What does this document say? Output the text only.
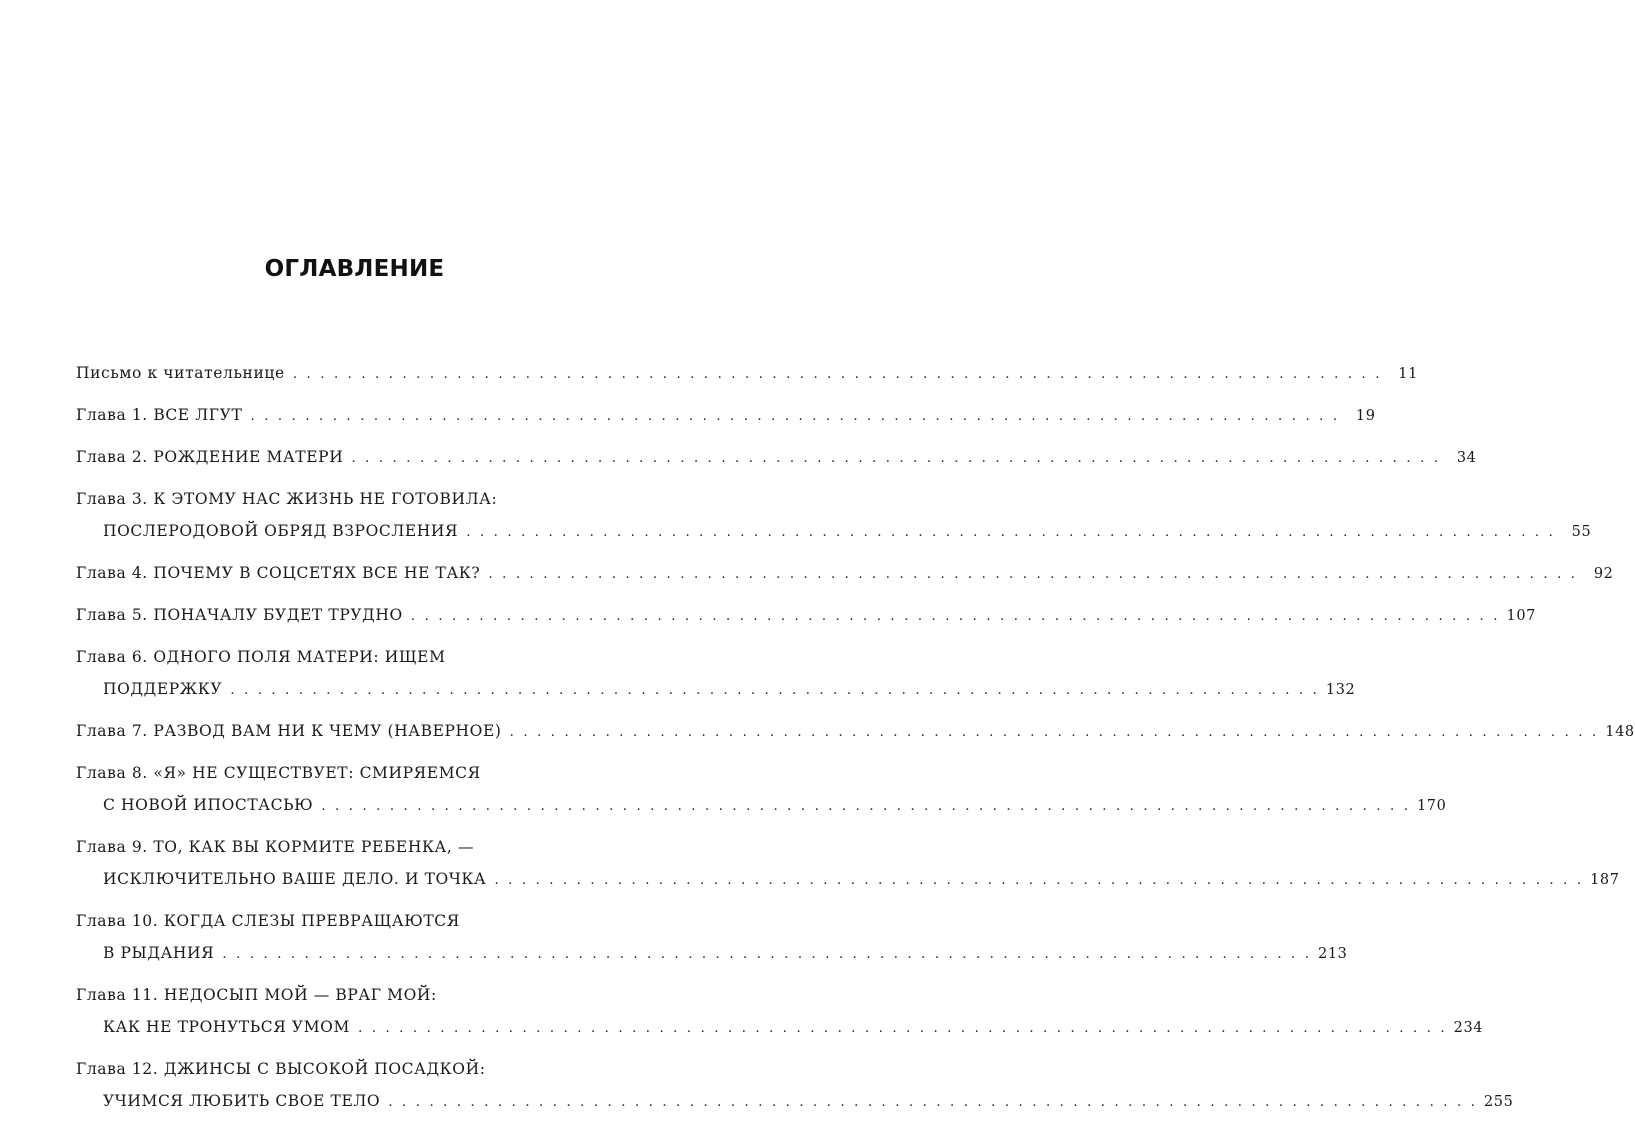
ОГЛАВЛЕНИЕ
Письмо к читательнице . . . . . . . . . . . . . . . . . . . . . . . . . . . . . . . . . . . . . . . . . . . . . . . . . . . . . . . . . . . . . . . . . . . . . . . . . . . . . . . .	11
Глава 1. ВСЕ ЛГУТ . . . . . . . . . . . . . . . . . . . . . . . . . . . . . . . . . . . . . . . . . . . . . . . . . . . . . . . . . . . . . . . . . . . . . . . . . . . . . . . .	19
Глава 2. РОЖДЕНИЕ МАТЕРИ . . . . . . . . . . . . . . . . . . . . . . . . . . . . . . . . . . . . . . . . . . . . . . . . . . . . . . . . . . . . . . . . . . . . . . . . . . . . . . . .	34
Глава 3. К ЭТОМУ НАС ЖИЗНЬ НЕ ГОТОВИЛА:
ПОСЛЕРОДОВОЙ ОБРЯД ВЗРОСЛЕНИЯ . . . . . . . . . . . . . . . . . . . . . . . . . . . . . . . . . . . . . . . . . . . . . . . . . . . . . . . . . . . . . . . . . . . . . . . . . . . . . . . .	55
Глава 4. ПОЧЕМУ В СОЦСЕТЯХ ВСЕ НЕ ТАК? . . . . . . . . . . . . . . . . . . . . . . . . . . . . . . . . . . . . . . . . . . . . . . . . . . . . . . . . . . . . . . . . . . . . . . . . . . . . . . . .	92
Глава 5. ПОНАЧАЛУ БУДЕТ ТРУДНО . . . . . . . . . . . . . . . . . . . . . . . . . . . . . . . . . . . . . . . . . . . . . . . . . . . . . . . . . . . . . . . . . . . . . . . . . . . . . . . . 107
Глава 6. ОДНОГО ПОЛЯ МАТЕРИ: ИЩЕМ
ПОДДЕРЖКУ . . . . . . . . . . . . . . . . . . . . . . . . . . . . . . . . . . . . . . . . . . . . . . . . . . . . . . . . . . . . . . . . . . . . . . . . . . . . . . . . 132
Глава 7. РАЗВОД ВАМ НИ К ЧЕМУ (НАВЕРНОЕ) . . . . . . . . . . . . . . . . . . . . . . . . . . . . . . . . . . . . . . . . . . . . . . . . . . . . . . . . . . . . . . . . . . . . . . . . . . . . . . . . 148
Глава 8. «Я» НЕ СУЩЕСТВУЕТ: СМИРЯЕМСЯ
С НОВОЙ ИПОСТАСЬЮ . . . . . . . . . . . . . . . . . . . . . . . . . . . . . . . . . . . . . . . . . . . . . . . . . . . . . . . . . . . . . . . . . . . . . . . . . . . . . . . . 170
Глава 9. ТО, КАК ВЫ КОРМИТЕ РЕБЕНКА, —
ИСКЛЮЧИТЕЛЬНО ВАШЕ ДЕЛО. И ТОЧКА . . . . . . . . . . . . . . . . . . . . . . . . . . . . . . . . . . . . . . . . . . . . . . . . . . . . . . . . . . . . . . . . . . . . . . . . . . . . . . . . 187
Глава 10. КОГДА СЛЕЗЫ ПРЕВРАЩАЮТСЯ
В РЫДАНИЯ . . . . . . . . . . . . . . . . . . . . . . . . . . . . . . . . . . . . . . . . . . . . . . . . . . . . . . . . . . . . . . . . . . . . . . . . . . . . . . . . 213
Глава 11. НЕДОСЫП МОЙ — ВРАГ МОЙ:
КАК НЕ ТРОНУТЬСЯ УМОМ . . . . . . . . . . . . . . . . . . . . . . . . . . . . . . . . . . . . . . . . . . . . . . . . . . . . . . . . . . . . . . . . . . . . . . . . . . . . . . . . 234
Глава 12. ДЖИНСЫ С ВЫСОКОЙ ПОСАДКОЙ:
УЧИМСЯ ЛЮБИТЬ СВОЕ ТЕЛО . . . . . . . . . . . . . . . . . . . . . . . . . . . . . . . . . . . . . . . . . . . . . . . . . . . . . . . . . . . . . . . . . . . . . . . . . . . . . . . . 255
